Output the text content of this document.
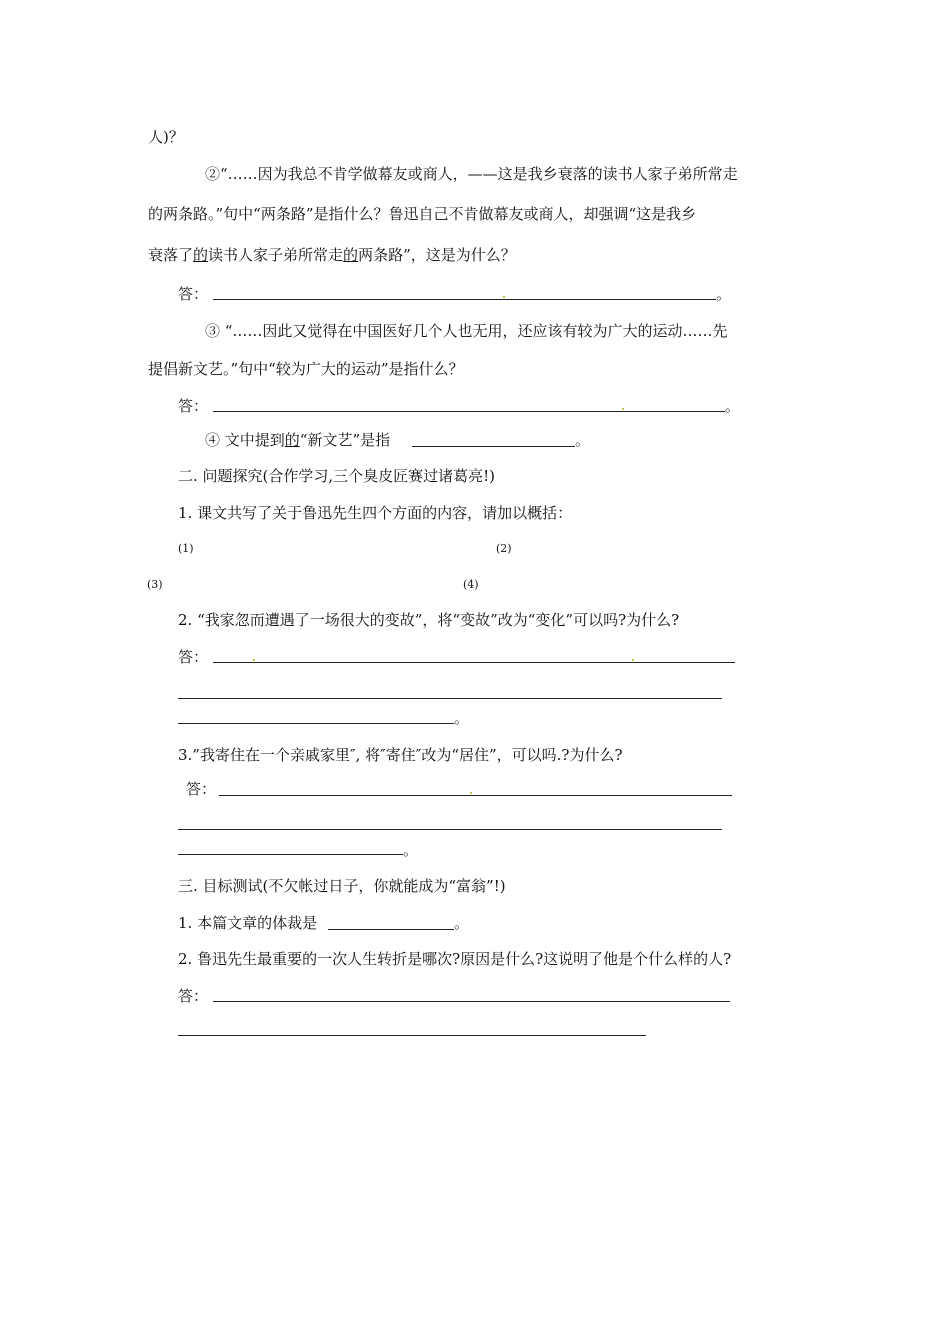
人)？
②“……因为我总不肯学做幕友或商人，——这是我乡衰落的读书人家子弟所常走
的两条路。”句中“两条路”是指什么？鲁迅自己不肯做幕友或商人，却强调“这是我乡
衰落了的读书人家子弟所常走的两条路”，这是为什么？
答：	。
③ “……因此又觉得在中国医好几个人也无用，还应该有较为广大的运动……先
提倡新文艺。”句中“较为广大的运动”是指什么？
答：	。
④ 文中提到的“新文艺”是指	。
二. 问题探究(合作学习,三个臭皮匠赛过诸葛亮!)
1. 课文共写了关于鲁迅先生四个方面的内容，请加以概括：
(1)	(2)
(3)	(4)
2. “我家忽而遭遇了一场很大的变故”，将“变故”改为“变化”可以吗?为什么?
答：
。
3.”我寄住在一个亲戚家里″, 将″寄住″改为“居住”，可以吗.?为什么?
答：
。
三. 目标测试(不欠帐过日子，你就能成为“富翁”!)
1. 本篇文章的体裁是	。
2. 鲁迅先生最重要的一次人生转折是哪次?原因是什么?这说明了他是个什么样的人?
答：
